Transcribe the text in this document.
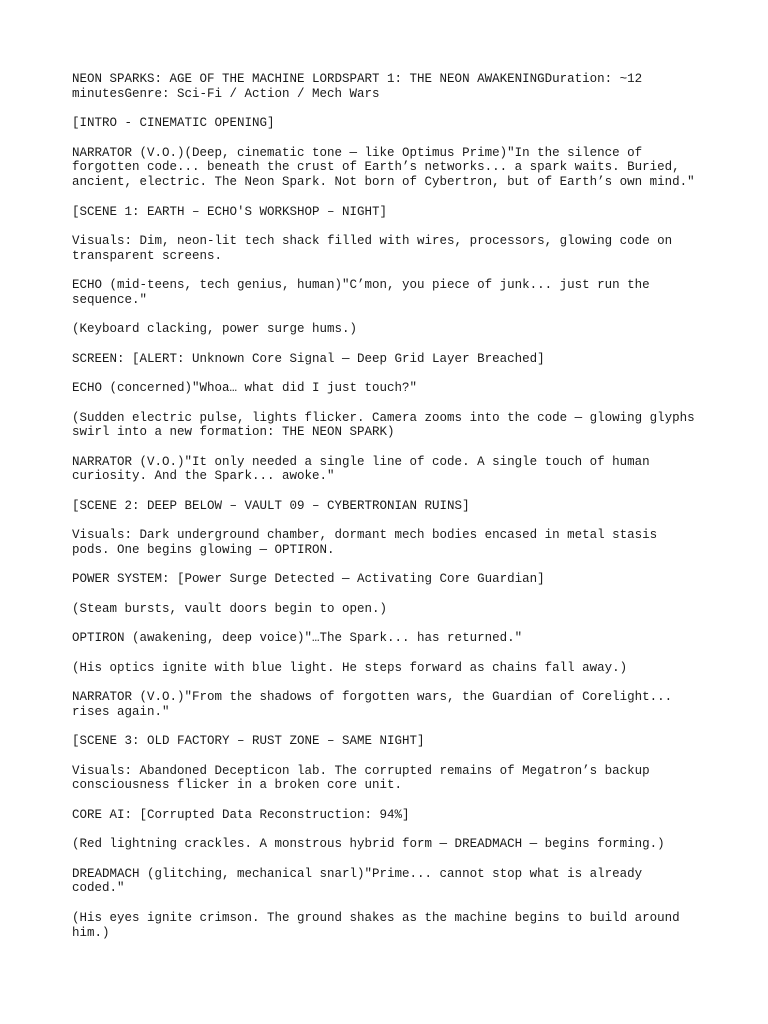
NEON SPARKS: AGE OF THE MACHINE LORDSPART 1: THE NEON AWAKENINGDuration: ~12
minutesGenre: Sci-Fi / Action / Mech Wars

[INTRO - CINEMATIC OPENING]

NARRATOR (V.O.)(Deep, cinematic tone — like Optimus Prime)"In the silence of
forgotten code... beneath the crust of Earth’s networks... a spark waits. Buried,
ancient, electric. The Neon Spark. Not born of Cybertron, but of Earth’s own mind."

[SCENE 1: EARTH – ECHO'S WORKSHOP – NIGHT]

Visuals: Dim, neon-lit tech shack filled with wires, processors, glowing code on
transparent screens.

ECHO (mid-teens, tech genius, human)"C’mon, you piece of junk... just run the
sequence."

(Keyboard clacking, power surge hums.)

SCREEN: [ALERT: Unknown Core Signal — Deep Grid Layer Breached]

ECHO (concerned)"Whoa… what did I just touch?"

(Sudden electric pulse, lights flicker. Camera zooms into the code — glowing glyphs
swirl into a new formation: THE NEON SPARK)

NARRATOR (V.O.)"It only needed a single line of code. A single touch of human
curiosity. And the Spark... awoke."

[SCENE 2: DEEP BELOW – VAULT 09 – CYBERTRONIAN RUINS]

Visuals: Dark underground chamber, dormant mech bodies encased in metal stasis
pods. One begins glowing — OPTIRON.

POWER SYSTEM: [Power Surge Detected — Activating Core Guardian]

(Steam bursts, vault doors begin to open.)

OPTIRON (awakening, deep voice)"…The Spark... has returned."

(His optics ignite with blue light. He steps forward as chains fall away.)

NARRATOR (V.O.)"From the shadows of forgotten wars, the Guardian of Corelight...
rises again."

[SCENE 3: OLD FACTORY – RUST ZONE – SAME NIGHT]

Visuals: Abandoned Decepticon lab. The corrupted remains of Megatron’s backup
consciousness flicker in a broken core unit.

CORE AI: [Corrupted Data Reconstruction: 94%]

(Red lightning crackles. A monstrous hybrid form — DREADMACH — begins forming.)

DREADMACH (glitching, mechanical snarl)"Prime... cannot stop what is already
coded."

(His eyes ignite crimson. The ground shakes as the machine begins to build around
him.)
